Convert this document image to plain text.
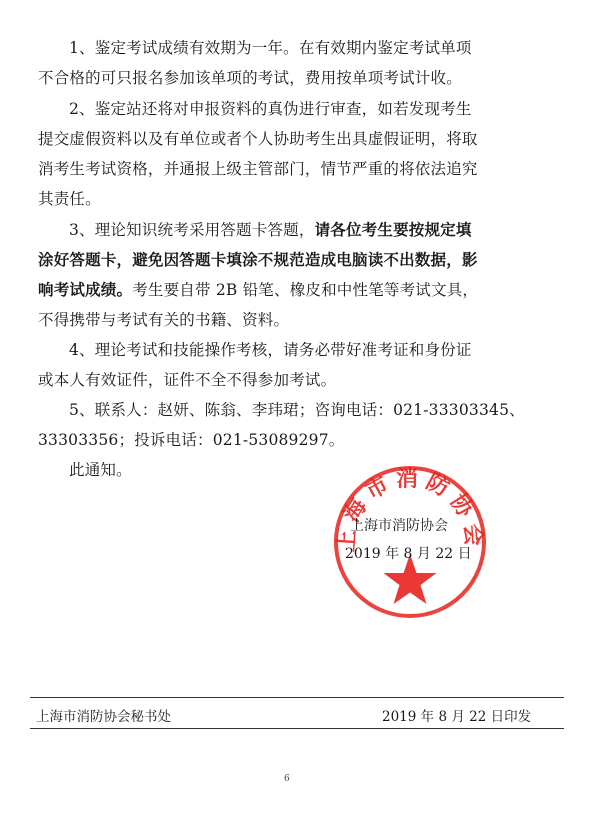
1、鉴定考试成绩有效期为一年。在有效期内鉴定考试单项
不合格的可只报名参加该单项的考试，费用按单项考试计收。
2、鉴定站还将对申报资料的真伪进行审查，如若发现考生
提交虚假资料以及有单位或者个人协助考生出具虚假证明，将取
消考生考试资格，并通报上级主管部门，情节严重的将依法追究
其责任。
3、理论知识统考采用答题卡答题，请各位考生要按规定填
涂好答题卡，避免因答题卡填涂不规范造成电脑读不出数据，影
响考试成绩。考生要自带 2B 铅笔、橡皮和中性笔等考试文具，
不得携带与考试有关的书籍、资料。
4、理论考试和技能操作考核，请务必带好准考证和身份证
或本人有效证件，证件不全不得参加考试。
5、联系人：赵妍、陈翁、李玮珺；咨询电话：021-33303345、
33303356；投诉电话：021-53089297。
此通知。
上海市消防协会
上海市消防协会
2019 年 8 月 22 日
上海市消防协会秘书处	2019 年 8 月 22 日印发
6
